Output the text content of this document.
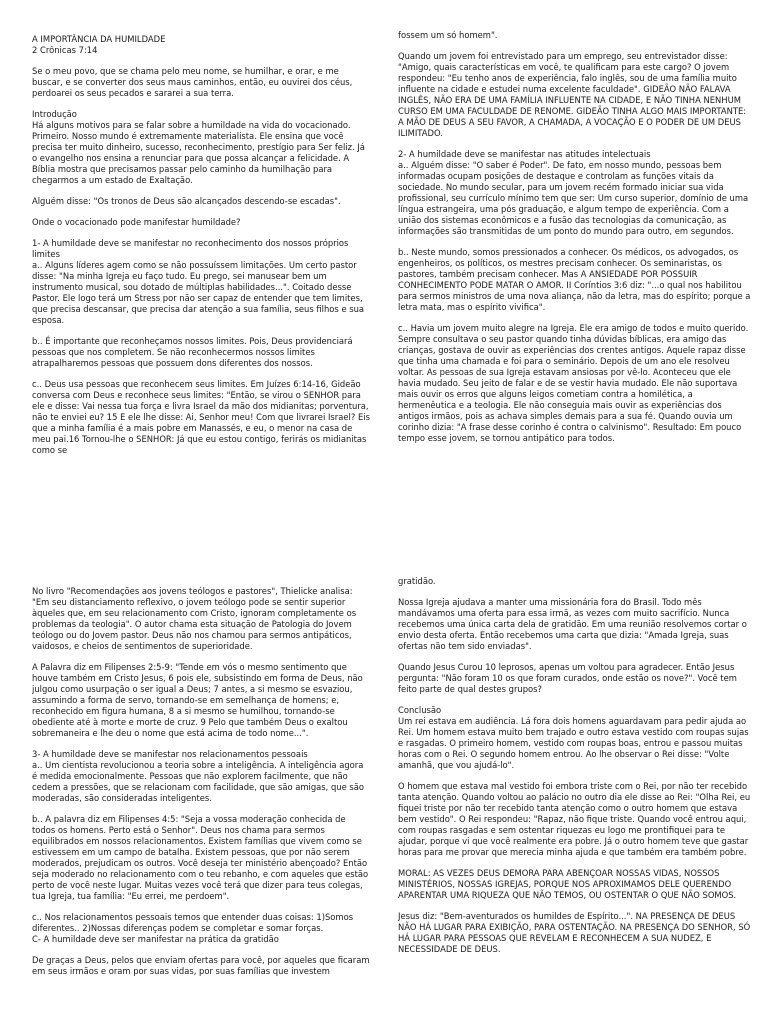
A IMPORTÂNCIA DA HUMILDADE

2 Crônicas 7:14

Se o meu povo, que se chama pelo meu nome, se humilhar, e orar, e me buscar, e se converter dos seus maus caminhos, então, eu ouvirei dos céus, perdoarei os seus pecados e sararei a sua terra.

Introdução
Há alguns motivos para se falar sobre a humildade na vida do vocacionado. Primeiro. Nosso mundo é extremamente materialista. Ele ensina que você precisa ter muito dinheiro, sucesso, reconhecimento, prestígio para Ser feliz. Já o evangelho nos ensina a renunciar para que possa alcançar a felicidade. A Bíblia mostra que precisamos passar pelo caminho da humilhação para chegarmos a um estado de Exaltação.

Alguém disse: "Os tronos de Deus são alcançados descendo-se escadas".

Onde o vocacionado pode manifestar humildade?

1- A humildade deve se manifestar no reconhecimento dos nossos próprios limites
a.. Alguns líderes agem como se não possuíssem limitações. Um certo pastor disse: "Na minha Igreja eu faço tudo. Eu prego, sei manusear bem um instrumento musical, sou dotado de múltiplas habilidades...". Coitado desse Pastor. Ele logo terá um Stress por não ser capaz de entender que tem limites, que precisa descansar, que precisa dar atenção a sua família, seus filhos e sua esposa.

b.. É importante que reconheçamos nossos limites. Pois, Deus providenciará pessoas que nos completem. Se não reconhecermos nossos limites atrapalharemos pessoas que possuem dons diferentes dos nossos.

c.. Deus usa pessoas que reconhecem seus limites. Em Juízes 6:14-16, Gideão conversa com Deus e reconhece seus limites: "Então, se virou o SENHOR para ele e disse: Vai nessa tua força e livra Israel da mão dos midianitas; porventura, não te enviei eu? 15 E ele lhe disse: Ai, Senhor meu! Com que livrarei Israel? Eis que a minha família é a mais pobre em Manassés, e eu, o menor na casa de meu pai.16 Tornou-lhe o SENHOR: Já que eu estou contigo, ferirás os midianitas como se

fossem um só homem".

Quando um jovem foi entrevistado para um emprego, seu entrevistador disse: "Amigo, quais características em você, te qualificam para este cargo? O jovem respondeu: "Eu tenho anos de experiência, falo inglês, sou de uma família muito influente na cidade e estudei numa excelente faculdade". GIDEÃO NÃO FALAVA INGLÊS, NÃO ERA DE UMA FAMÍLIA INFLUENTE NA CIDADE, E NÃO TINHA NENHUM CURSO EM UMA FACULDADE DE RENOME. GIDEÃO TINHA ALGO MAIS IMPORTANTE: A MÃO DE DEUS A SEU FAVOR, A CHAMADA, A VOCAÇÃO E O PODER DE UM DEUS ILIMITADO.

2- A humildade deve se manifestar nas atitudes intelectuais
a.. Alguém disse: "O saber é Poder". De fato, em nosso mundo, pessoas bem informadas ocupam posições de destaque e controlam as funções vitais da sociedade. No mundo secular, para um jovem recém formado iniciar sua vida profissional, seu currículo mínimo tem que ser: Um curso superior, domínio de uma língua estrangeira, uma pós graduação, e algum tempo de experiência. Com a união dos sistemas econômicos e a fusão das tecnologias da comunicação, as informações são transmitidas de um ponto do mundo para outro, em segundos.

b.. Neste mundo, somos pressionados a conhecer. Os médicos, os advogados, os engenheiros, os políticos, os mestres precisam conhecer. Os seminaristas, os pastores, também precisam conhecer. Mas A ANSIEDADE POR POSSUIR CONHECIMENTO PODE MATAR O AMOR. II Coríntios 3:6 diz: "...o qual nos habilitou para sermos ministros de uma nova aliança, não da letra, mas do espírito; porque a letra mata, mas o espírito vivifica".

c.. Havia um jovem muito alegre na Igreja. Ele era amigo de todos e muito querido. Sempre consultava o seu pastor quando tinha dúvidas bíblicas, era amigo das crianças, gostava de ouvir as experiências dos crentes antigos. Aquele rapaz disse que tinha uma chamada e foi para o seminário. Depois de um ano ele resolveu voltar. As pessoas de sua Igreja estavam ansiosas por vê-lo. Aconteceu que ele havia mudado. Seu jeito de falar e de se vestir havia mudado. Ele não suportava mais ouvir os erros que alguns leigos cometiam contra a homilética, a hermenêutica e a teologia. Ele não conseguia mais ouvir as experiências dos antigos irmãos, pois as achava simples demais para a sua fé. Quando ouvia um corinho dizia: "A frase desse corinho é contra o calvinismo". Resultado: Em pouco tempo esse jovem, se tornou antipático para todos.

No livro "Recomendações aos jovens teólogos e pastores", Thielicke analisa: "Em seu distanciamento reflexivo, o jovem teólogo pode se sentir superior àqueles que, em seu relacionamento com Cristo, ignoram completamente os problemas da teologia". O autor chama esta situação de Patologia do Jovem teólogo ou do Jovem pastor. Deus não nos chamou para sermos antipáticos, vaidosos, e cheios de sentimentos de superioridade.

A Palavra diz em Filipenses 2:5-9: "Tende em vós o mesmo sentimento que houve também em Cristo Jesus, 6 pois ele, subsistindo em forma de Deus, não julgou como usurpação o ser igual a Deus; 7 antes, a si mesmo se esvaziou, assumindo a forma de servo, tornando-se em semelhança de homens; e, reconhecido em figura humana, 8 a si mesmo se humilhou, tornando-se obediente até à morte e morte de cruz. 9 Pelo que também Deus o exaltou sobremaneira e lhe deu o nome que está acima de todo nome...".

3- A humildade deve se manifestar nos relacionamentos pessoais
a.. Um cientista revolucionou a teoria sobre a inteligência. A inteligência agora é medida emocionalmente. Pessoas que não explorem facilmente, que não cedem a pressões, que se relacionam com facilidade, que são amigas, que são moderadas, são consideradas inteligentes.

b.. A palavra diz em Filipenses 4:5: "Seja a vossa moderação conhecida de todos os homens. Perto está o Senhor". Deus nos chama para sermos equilibrados em nossos relacionamentos. Existem famílias que vivem como se estivessem em um campo de batalha. Existem pessoas, que por não serem moderados, prejudicam os outros. Você deseja ter ministério abençoado? Então seja moderado no relacionamento com o teu rebanho, e com aqueles que estão perto de você neste lugar. Muitas vezes você terá que dizer para teus colegas, tua Igreja, tua família: "Eu errei, me perdoem".

c.. Nos relacionamentos pessoais temos que entender duas coisas: 1)Somos diferentes.. 2)Nossas diferenças podem se completar e somar forças.
C- A humildade deve ser manifestar na prática da gratidão

De graças a Deus, pelos que enviam ofertas para você, por aqueles que ficaram em seus irmãos e oram por suas vidas, por suas famílias que investem

gratidão.

Nossa Igreja ajudava a manter uma missionária fora do Brasil. Todo mês mandávamos uma oferta para essa irmã, as vezes com muito sacrifício. Nunca recebemos uma única carta dela de gratidão. Em uma reunião resolvemos cortar o envio desta oferta. Então recebemos uma carta que dizia: "Amada Igreja, suas ofertas não tem sido enviadas".

Quando Jesus Curou 10 leprosos, apenas um voltou para agradecer. Então Jesus pergunta: "Não foram 10 os que foram curados, onde estão os nove?". Você tem feito parte de qual destes grupos?

Conclusão
Um rei estava em audiência. Lá fora dois homens aguardavam para pedir ajuda ao Rei. Um homem estava muito bem trajado e outro estava vestido com roupas sujas e rasgadas. O primeiro homem, vestido com roupas boas, entrou e passou muitas horas com o Rei. O segundo homem entrou. Ao lhe observar o Rei disse: "Volte amanhã, que vou ajudá-lo".

O homem que estava mal vestido foi embora triste com o Rei, por não ter recebido tanta atenção. Quando voltou ao palácio no outro dia ele disse ao Rei: "Olha Rei, eu fiquei triste por não ter recebido tanta atenção como o outro homem que estava bem vestido". O Rei respondeu: "Rapaz, não fique triste. Quando você entrou aqui, com roupas rasgadas e sem ostentar riquezas eu logo me prontifiquei para te ajudar, porque vi que você realmente era pobre. Já o outro homem teve que gastar horas para me provar que merecia minha ajuda e que também era também pobre.

MORAL: AS VEZES DEUS DEMORA PARA ABENÇOAR NOSSAS VIDAS, NOSSOS MINISTÉRIOS, NOSSAS IGREJAS, PORQUE NOS APROXIMAMOS DELE QUERENDO APARENTAR UMA RIQUEZA QUE NÃO TEMOS, OU OSTENTAR O QUE NÃO SOMOS.

Jesus diz: "Bem-aventurados os humildes de Espírito...". NA PRESENÇA DE DEUS NÃO HÁ LUGAR PARA EXIBIÇÃO, PARA OSTENTAÇÃO. NA PRESENÇA DO SENHOR, SÓ HÁ LUGAR PARA PESSOAS QUE REVELAM E RECONHECEM A SUA NUDEZ, E NECESSIDADE DE DEUS.
